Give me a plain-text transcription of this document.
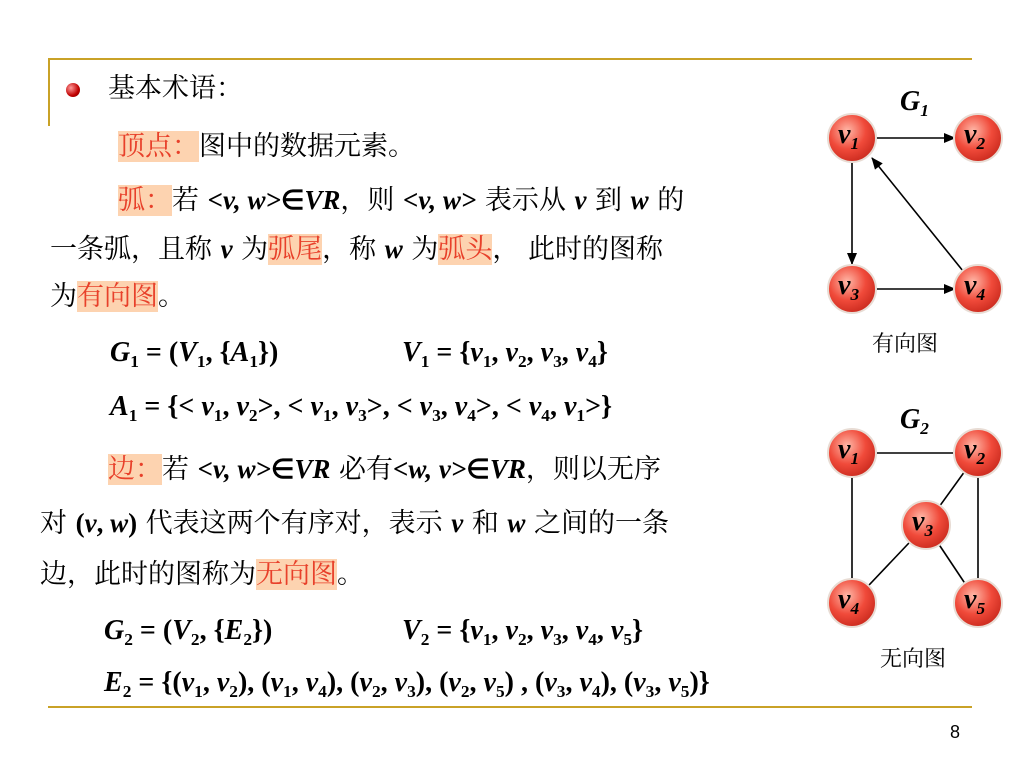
基本术语：
顶点：图中的数据元素。
弧：若 <v, w>∈VR，则 <v, w> 表示从 v 到 w 的
一条弧，且称 v 为弧尾，称 w 为弧头， 此时的图称
为有向图。
$G_1 = (V_1$, $\{A_1\}$)	$V_1 = \{v_1$, $v_2$, $v_3$, $v_4$}
$A_1$ = {< $v_1$, $v_2>$, < $v_1$, $v_3>$, < $v_3$, $v_4>$, < $v_4$, $v_1>$}
边：若 <v, w>∈VR 必有<w, v>∈VR，则以无序
对 (v, w) 代表这两个有序对，表示 v 和 w 之间的一条
边，此时的图称为无向图。
$G_2 = (V_2$, $\{E_2\}$)	$V_2 = \{v_1$, $v_2$, $v_3$, $v_4$, $v_5$}
$E_2 = \{(v_1$, $v_2$), ($v_1$, $v_4$), ($v_2$, $v_3$), ($v_2$, $v_5$) , ($v_3$, $v_4$), ($v_3$, $v_5$)}
$v_1$	$v_2$
$v_3$	$v_4$
$v_1$	$v_2$
$v_3$
$v_4$	$v_5$
$G_1$
$G_2$
有向图
无向图
8
